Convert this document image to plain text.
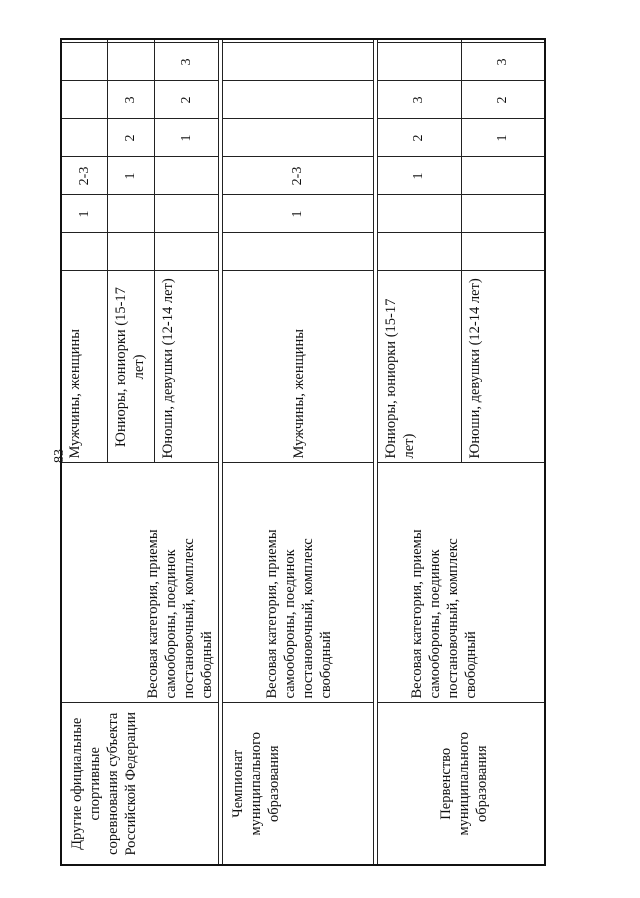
83
Другие официальные спортивные соревнования субъекта Российской Федерации	Весовая категория, приемы самообороны, поединок постановочный, комплекс свободный	Мужчины, женщины		1	2-3				
		Юниоры, юниорки (15-17 лет)			1	2	3		
		Юноши, девушки (12-14 лет)				1	2	3	

Чемпионат муниципального образования	Весовая категория, приемы самообороны, поединок постановочный, комплекс свободный	Мужчины, женщины		1	2-3				

Первенство муниципального образования	Весовая категория, приемы самообороны, поединок постановочный, комплекс свободный	Юниоры, юниорки (15-17 лет)			1	2	3		
		Юноши, девушки (12-14 лет)				1	2	3	
